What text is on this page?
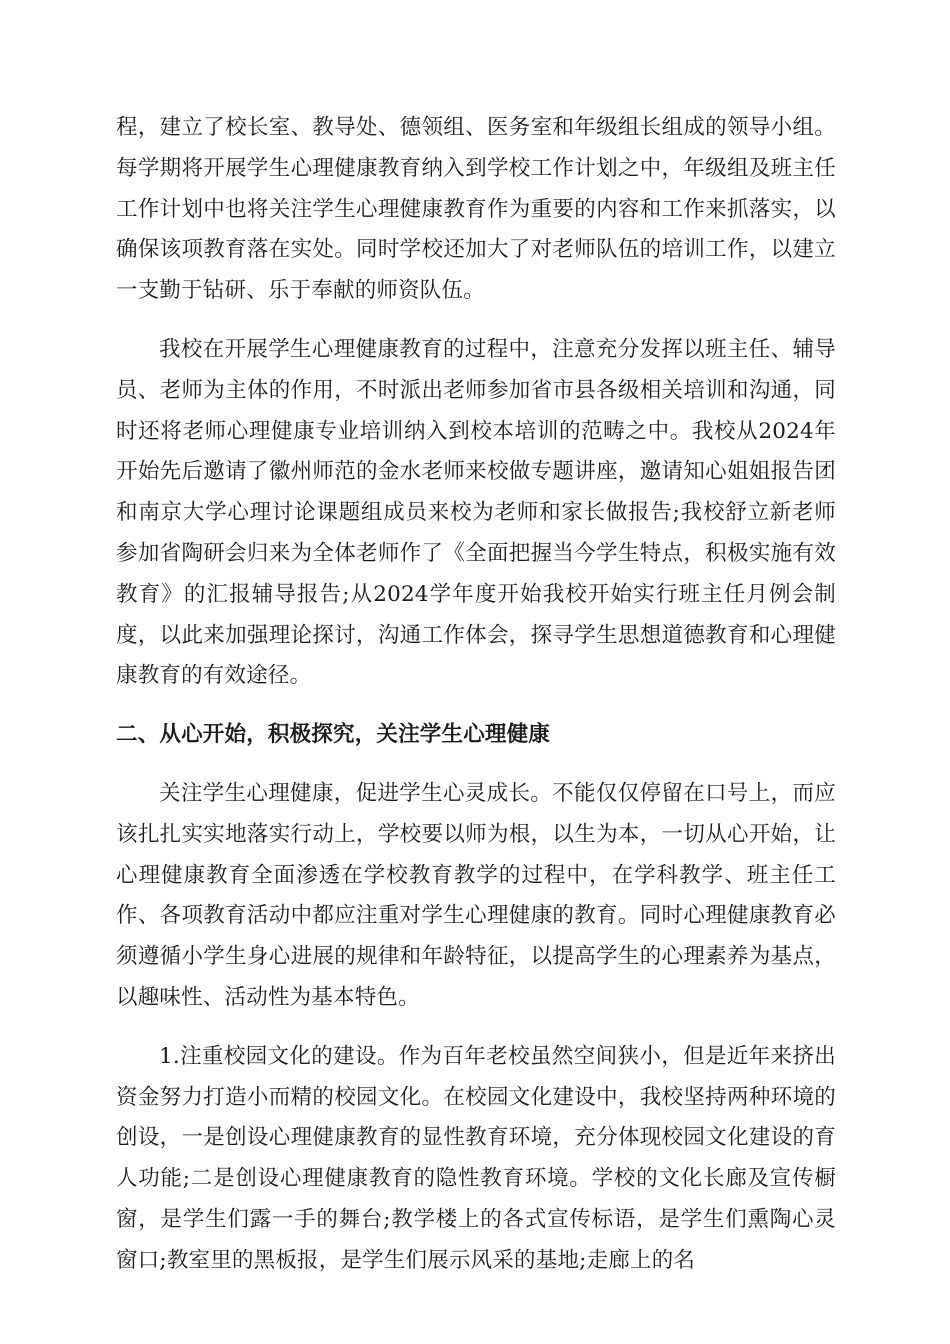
程，建立了校长室、教导处、德领组、医务室和年级组长组成的领导小组。每学期将开展学生心理健康教育纳入到学校工作计划之中，年级组及班主任工作计划中也将关注学生心理健康教育作为重要的内容和工作来抓落实，以确保该项教育落在实处。同时学校还加大了对老师队伍的培训工作，以建立一支勤于钻研、乐于奉献的师资队伍。

我校在开展学生心理健康教育的过程中，注意充分发挥以班主任、辅导员、老师为主体的作用，不时派出老师参加省市县各级相关培训和沟通，同时还将老师心理健康专业培训纳入到校本培训的范畴之中。我校从2024年开始先后邀请了徽州师范的金水老师来校做专题讲座，邀请知心姐姐报告团和南京大学心理讨论课题组成员来校为老师和家长做报告;我校舒立新老师参加省陶研会归来为全体老师作了《全面把握当今学生特点，积极实施有效教育》的汇报辅导报告;从2024学年度开始我校开始实行班主任月例会制度，以此来加强理论探讨，沟通工作体会，探寻学生思想道德教育和心理健康教育的有效途径。

二、从心开始，积极探究，关注学生心理健康

关注学生心理健康，促进学生心灵成长。不能仅仅停留在口号上，而应该扎扎实实地落实行动上，学校要以师为根，以生为本，一切从心开始，让心理健康教育全面渗透在学校教育教学的过程中，在学科教学、班主任工作、各项教育活动中都应注重对学生心理健康的教育。同时心理健康教育必须遵循小学生身心进展的规律和年龄特征，以提高学生的心理素养为基点，以趣味性、活动性为基本特色。

1.注重校园文化的建设。作为百年老校虽然空间狭小，但是近年来挤出资金努力打造小而精的校园文化。在校园文化建设中，我校坚持两种环境的创设，一是创设心理健康教育的显性教育环境，充分体现校园文化建设的育人功能;二是创设心理健康教育的隐性教育环境。学校的文化长廊及宣传橱窗，是学生们露一手的舞台;教学楼上的各式宣传标语，是学生们熏陶心灵窗口;教室里的黑板报，是学生们展示风采的基地;走廊上的名
